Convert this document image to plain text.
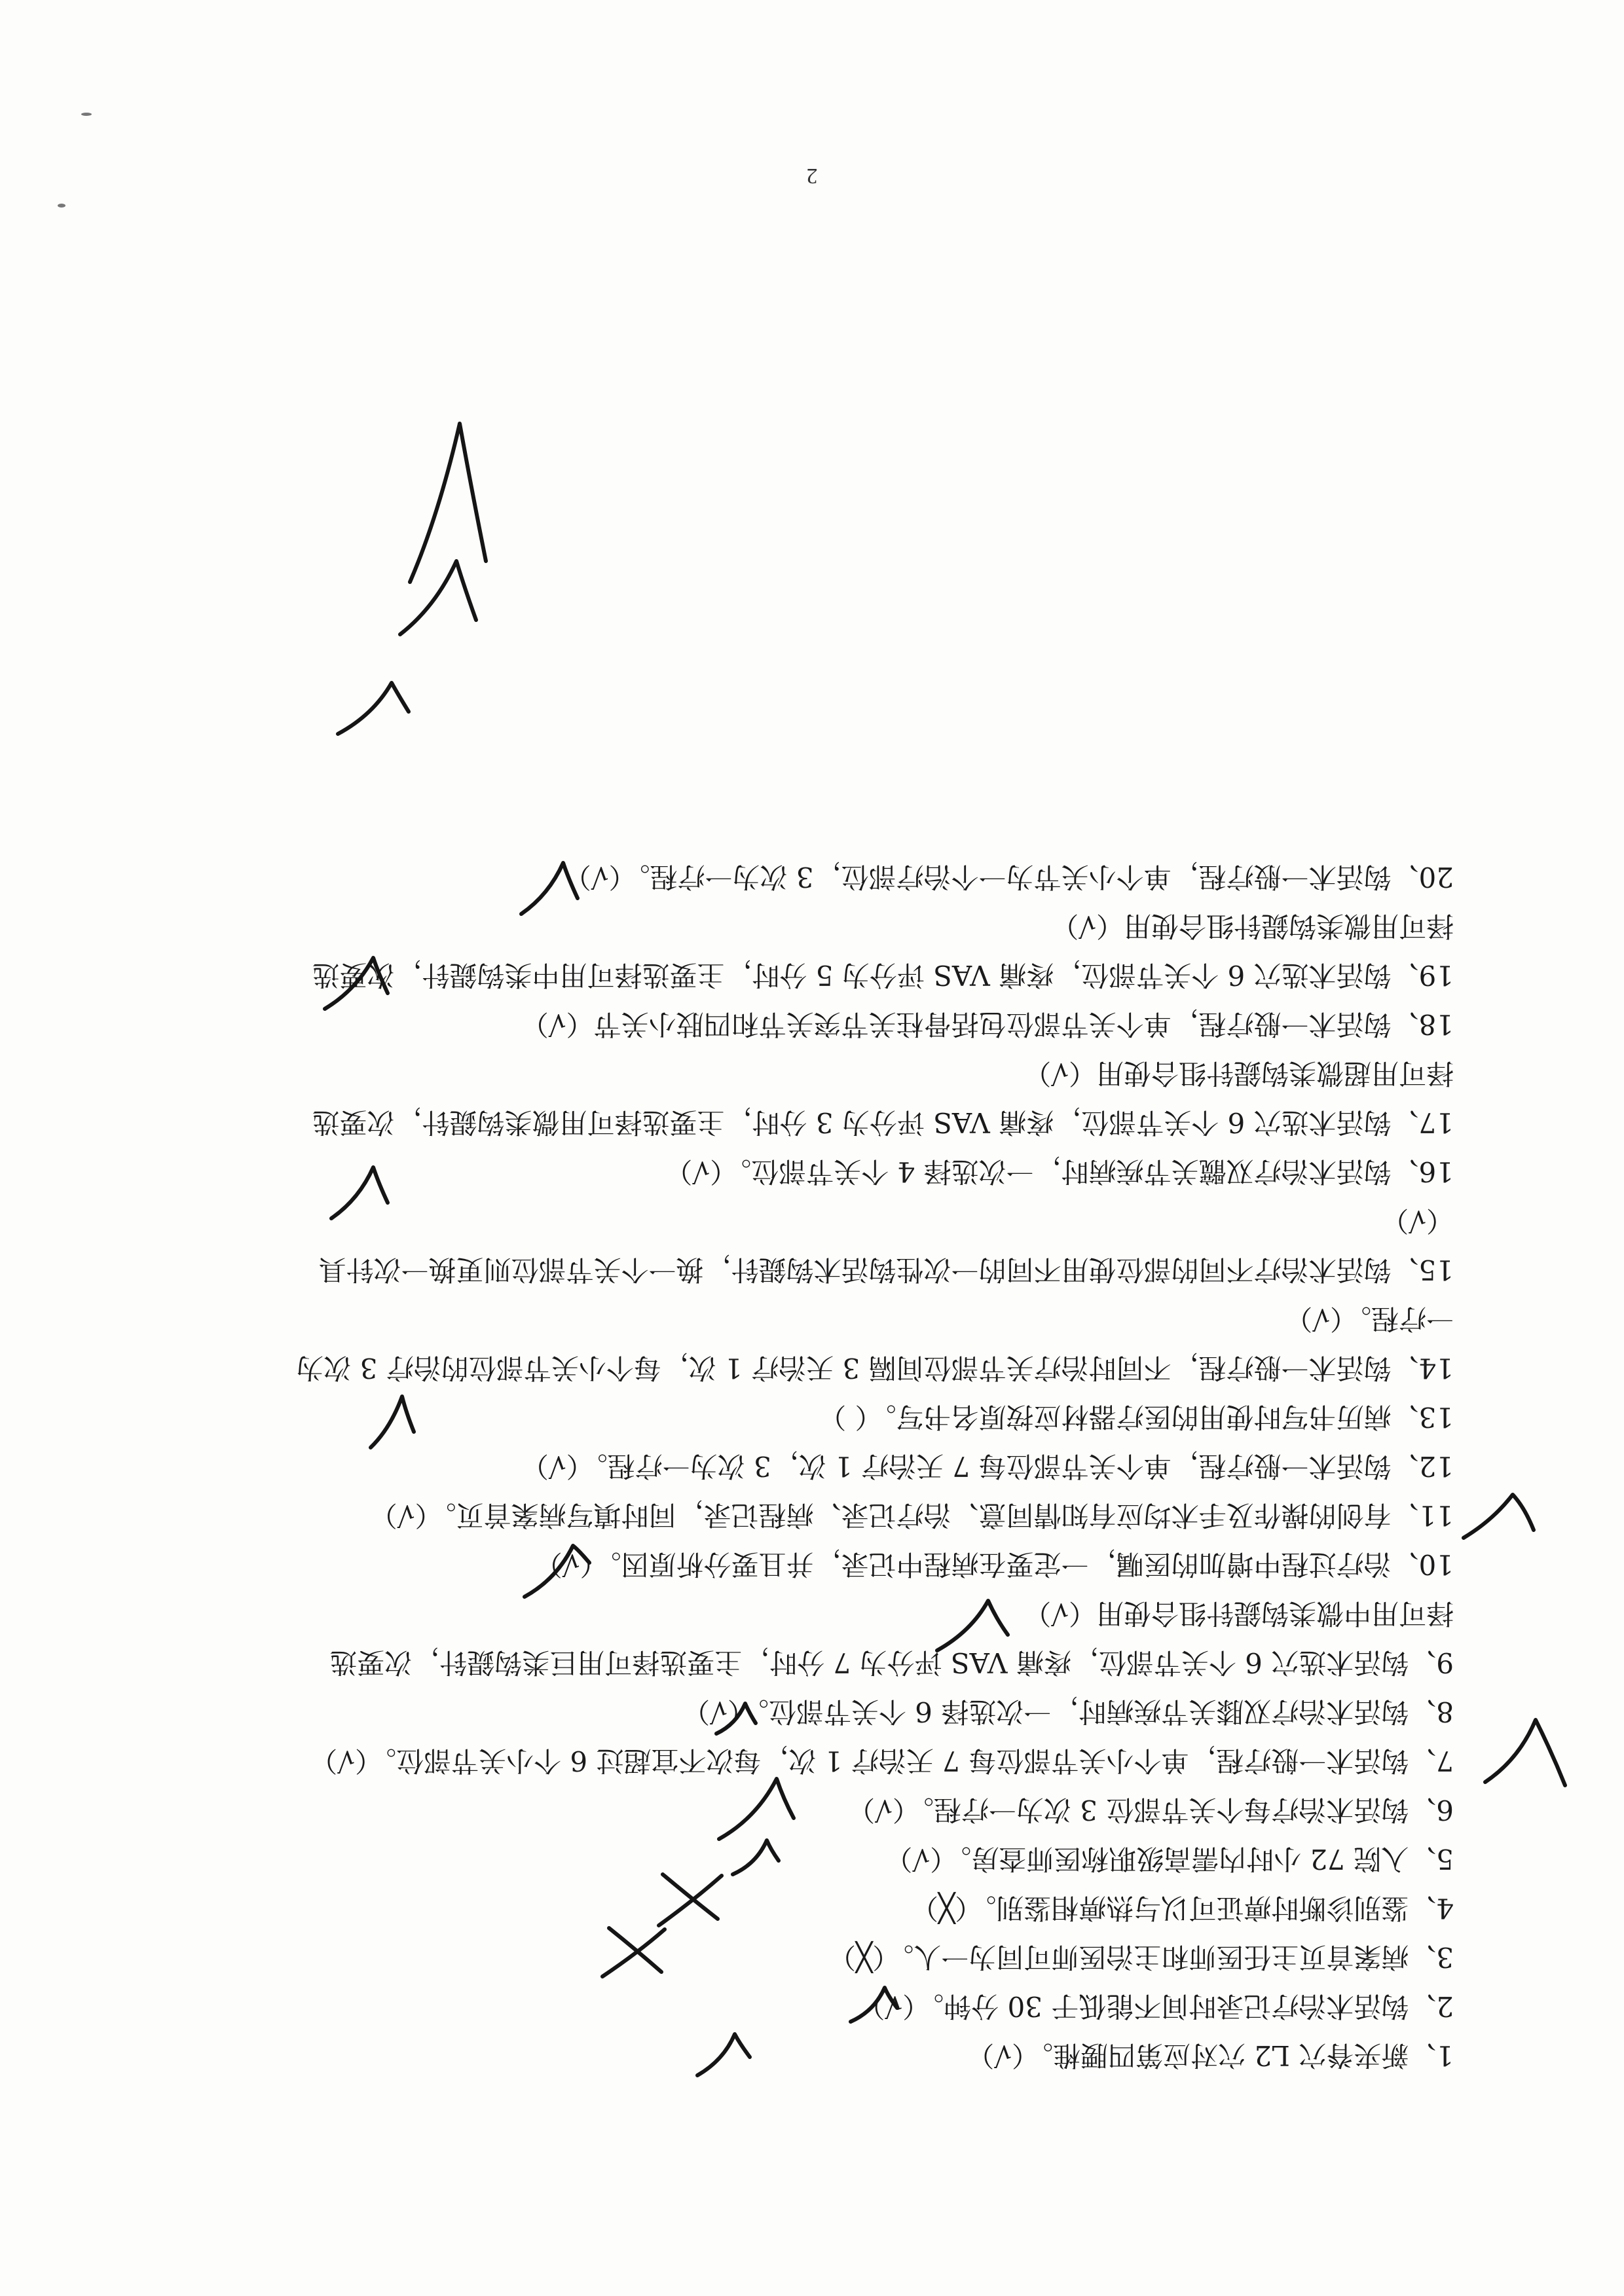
2
1、新夹脊穴 L2 穴对应第四腰椎。（√）
2、钩活术治疗记录时间不能低于 30 分钟。（√）
3、病案首页主任医师和主治医师可同为一人。（╳）
4、鉴别诊断时痹证可以与热痹相鉴别。（╳）
5、入院 72 小时内需高级职称医师查房。（√）
6、钩活术治疗每个关节部位 3 次为一疗程。（√）
7、钩活术一般疗程，单个小关节部位每 7 天治疗 1 次，每次不宜超过 6 个小关节部位。（√）
8、钩活术治疗双膝关节疾病时，一次选择 6 个关节部位。（√）
9、钩活术选穴 6 个关节部位，疼痛 VAS 评分为 7 分时，主要选择可用巨类钩鍉针，次要选
择可用中微类钩鍉针组合使用（√）
10、治疗过程中增加的医嘱，一定要在病程中记录，并且要分析原因。（√）
11、有创的操作及手术均应有知情同意、治疗记录、病程记录，同时填写病案首页。（√）
12、钩活术一般疗程，单个关节部位每 7 天治疗 1 次，3 次为一疗程。（√）
13、病历书写时使用的医疗器材应按原名书写。（ ）
14、钩活术一般疗程，不同时治疗关节部位间隔 3 天治疗 1 次，每个小关节部位的治疗 3 次为
一疗程。（√）
15、钩活术治疗不同的部位使用不同的一次性钩活术钩鍉针，换一个关节部位则更换一次针具
（√）
16、钩活术治疗双髋关节疾病时，一次选择 4 个关节部位。（√）
17、钩活术选穴 6 个关节部位，疼痛 VAS 评分为 3 分时，主要选择可用微类钩鍉针，次要选
择可用超微类钩鍉针组合使用（√）
18、钩活术一般疗程，单个关节部位包括骨柱关节突关节和四肢小关节（√）
19、钩活术选穴 6 个关节部位，疼痛 VAS 评分为 5 分时，主要选择可用中类钩鍉针，次要选
择可用微类钩鍉针组合使用（√）
20、钩活术一般疗程，单个小关节为一个治疗部位，3 次为一疗程。（√）
